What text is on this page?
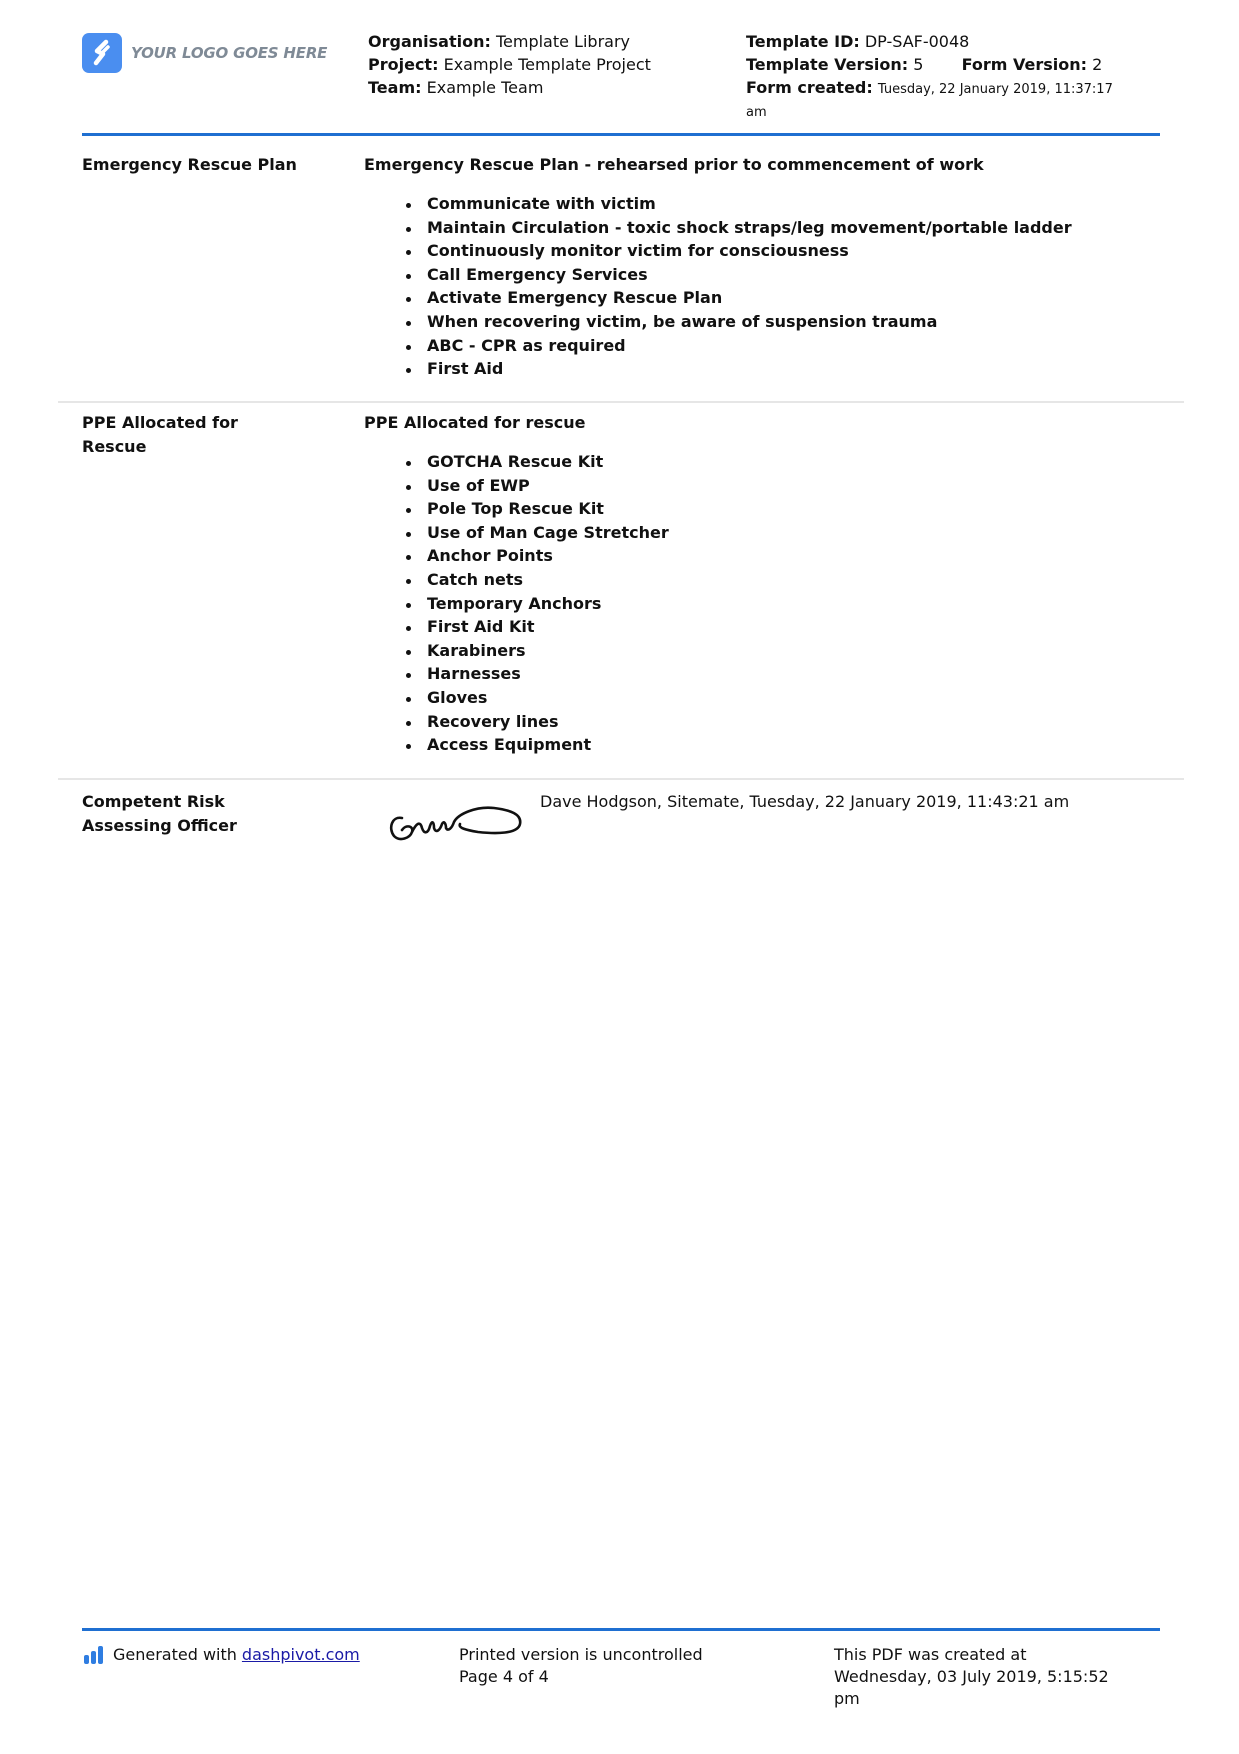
YOUR LOGO GOES HERE
Organisation: Template Library
Project: Example Template Project
Team: Example Team
Template ID: DP-SAF-0048
Template Version: 5 Form Version: 2
Form created: Tuesday, 22 January 2019, 11:37:17
am
Emergency Rescue Plan	Emergency Rescue Plan - rehearsed prior to commencement of work
Communicate with victim
Maintain Circulation - toxic shock straps/leg movement/portable ladder
Continuously monitor victim for consciousness
Call Emergency Services
Activate Emergency Rescue Plan
When recovering victim, be aware of suspension trauma
ABC - CPR as required
First Aid
PPE Allocated for
Rescue
PPE Allocated for rescue
GOTCHA Rescue Kit
Use of EWP
Pole Top Rescue Kit
Use of Man Cage Stretcher
Anchor Points
Catch nets
Temporary Anchors
First Aid Kit
Karabiners
Harnesses
Gloves
Recovery lines
Access Equipment
Competent Risk
Assessing Officer
Dave Hodgson, Sitemate, Tuesday, 22 January 2019, 11:43:21 am
Generated with dashpivot.com	Printed version is uncontrolled
Page 4 of 4
This PDF was created at
Wednesday, 03 July 2019, 5:15:52
pm
